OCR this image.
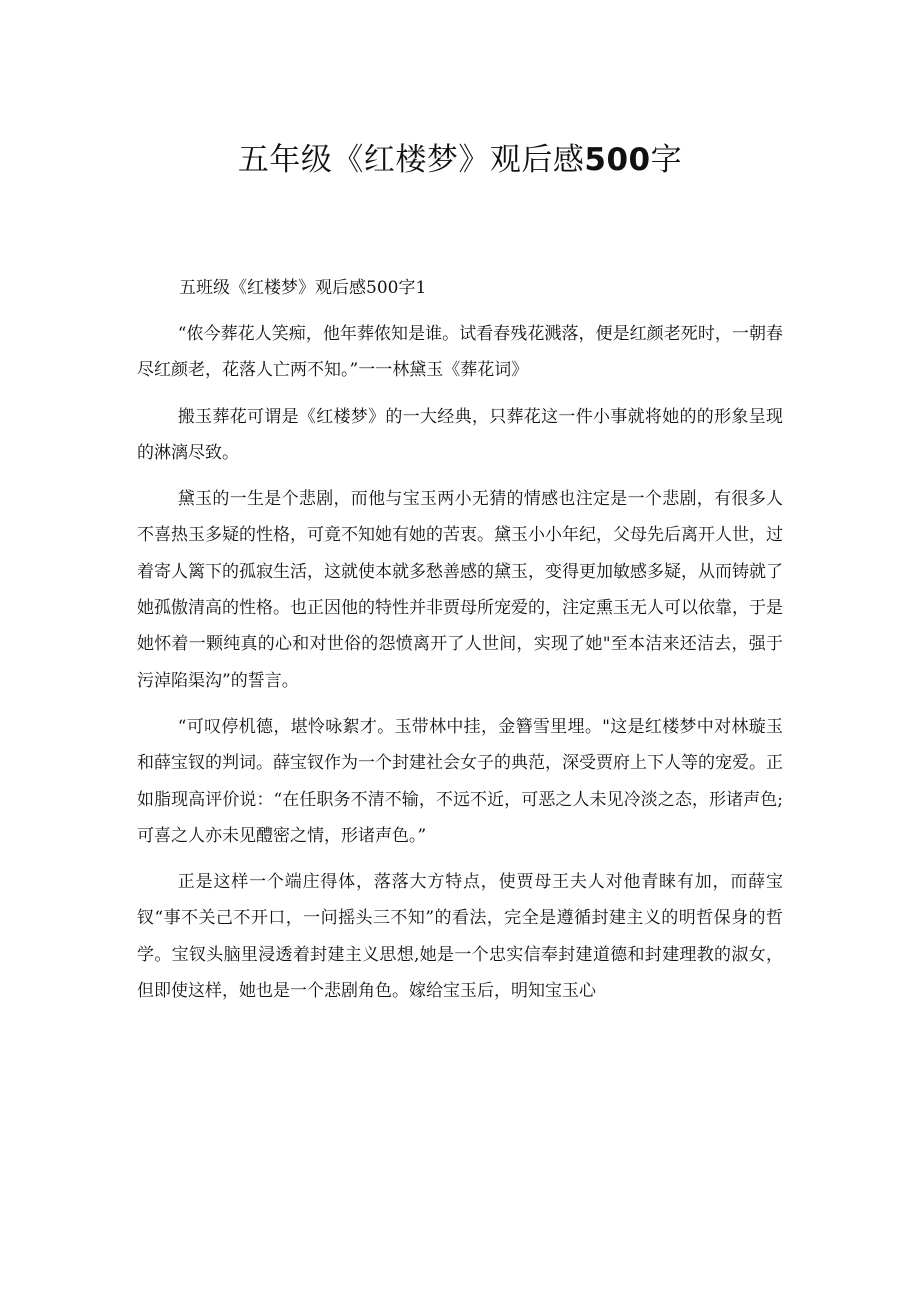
五年级《红楼梦》观后感500字

五班级《红楼梦》观后感500字1

“侬今葬花人笑痴，他年葬侬知是谁。试看春残花溅落，便是红颜老死时，一朝春尽红颜老，花落人亡两不知。”一一林黛玉《葬花词》

搬玉葬花可谓是《红楼梦》的一大经典，只葬花这一件小事就将她的的形象呈现的淋漓尽致。

黛玉的一生是个悲剧，而他与宝玉两小无猜的情感也注定是一个悲剧，有很多人不喜热玉多疑的性格，可竟不知她有她的苦衷。黛玉小小年纪，父母先后离开人世，过着寄人篱下的孤寂生活，这就使本就多愁善感的黛玉，变得更加敏感多疑，从而铸就了她孤傲清高的性格。也正因他的特性并非贾母所宠爱的，注定熏玉无人可以依靠，于是她怀着一颗纯真的心和对世俗的怨愤离开了人世间，实现了她"至本洁来还洁去，强于污淖陷渠沟”的誓言。

“可叹停机德，堪怜咏絮才。玉带林中挂，金簪雪里埋。"这是红楼梦中对林璇玉和薛宝钗的判词。薛宝钗作为一个封建社会女子的典范，深受贾府上下人等的宠爱。正如脂现高评价说：“在任职务不清不输，不远不近，可恶之人未见冷淡之态，形诸声色;可喜之人亦未见醴密之情，形诸声色。”

正是这样一个端庄得体，落落大方特点，使贾母王夫人对他青睐有加，而薛宝钗“事不关己不开口，一问摇头三不知”的看法，完全是遵循封建主义的明哲保身的哲学。宝钗头脑里浸透着封建主义思想,她是一个忠实信奉封建道德和封建理教的淑女，但即使这样，她也是一个悲剧角色。嫁给宝玉后，明知宝玉心
